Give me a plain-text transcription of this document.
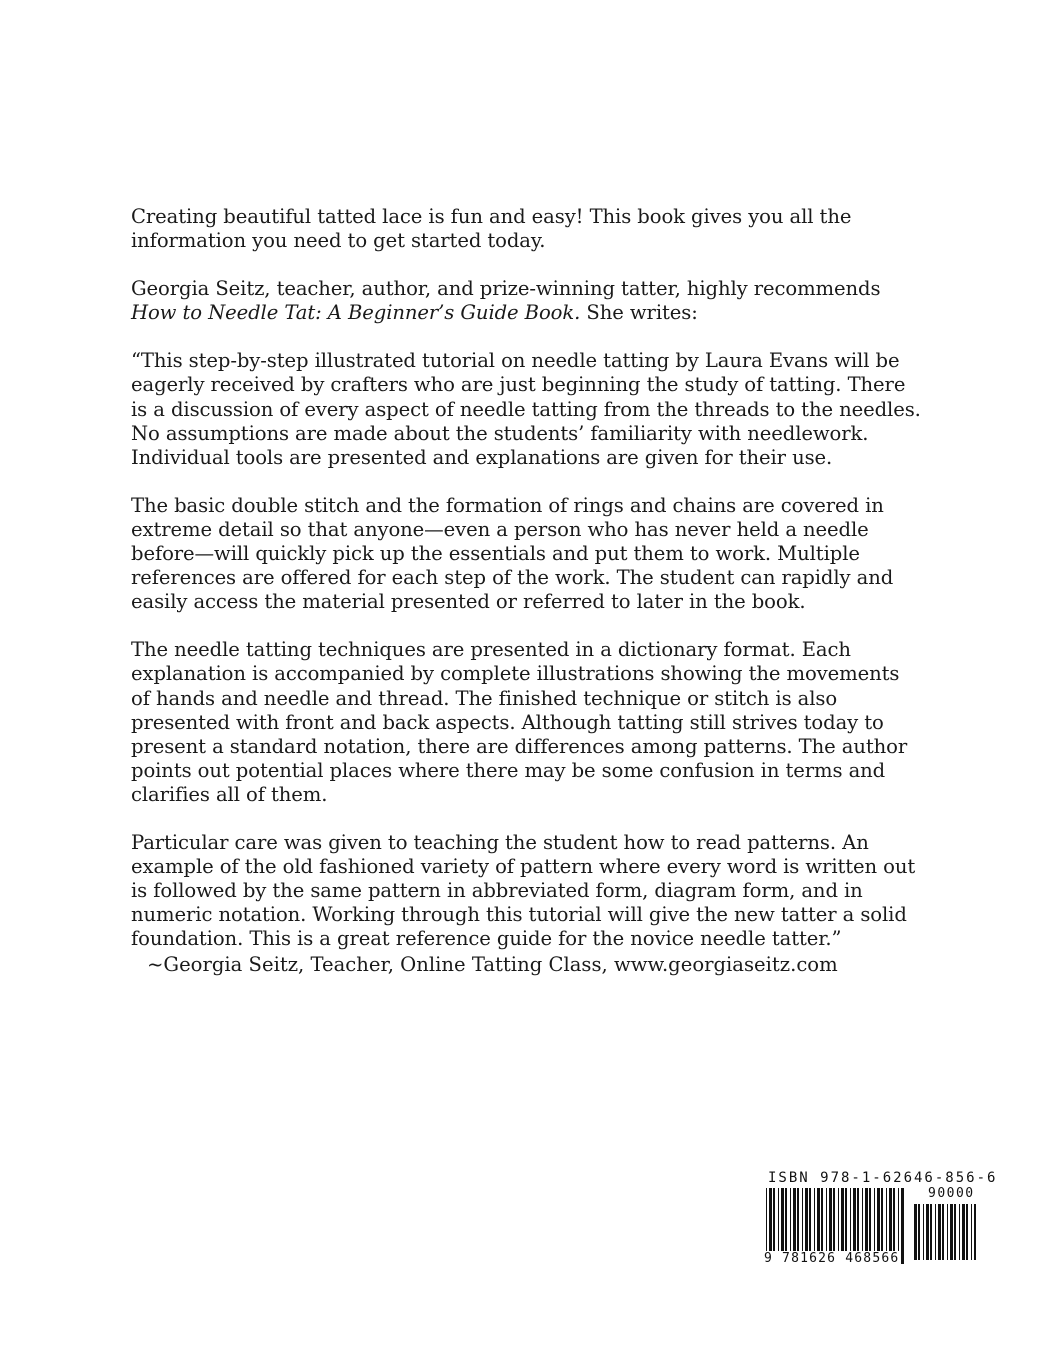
Creating beautiful tatted lace is fun and easy! This book gives you all the information you need to get started today.

Georgia Seitz, teacher, author, and prize-winning tatter, highly recommends How to Needle Tat: A Beginner’s Guide Book. She writes:

“This step-by-step illustrated tutorial on needle tatting by Laura Evans will be eagerly received by crafters who are just beginning the study of tatting. There is a discussion of every aspect of needle tatting from the threads to the needles. No assumptions are made about the students’ familiarity with needlework. Individual tools are presented and explanations are given for their use.

The basic double stitch and the formation of rings and chains are covered in extreme detail so that anyone—even a person who has never held a needle before—will quickly pick up the essentials and put them to work. Multiple references are offered for each step of the work. The student can rapidly and easily access the material presented or referred to later in the book.

The needle tatting techniques are presented in a dictionary format. Each explanation is accompanied by complete illustrations showing the movements of hands and needle and thread. The finished technique or stitch is also presented with front and back aspects. Although tatting still strives today to present a standard notation, there are differences among patterns. The author points out potential places where there may be some confusion in terms and clarifies all of them.

Particular care was given to teaching the student how to read patterns. An example of the old fashioned variety of pattern where every word is written out is followed by the same pattern in abbreviated form, diagram form, and in numeric notation. Working through this tutorial will give the new tatter a solid foundation. This is a great reference guide for the novice needle tatter.”

~Georgia Seitz, Teacher, Online Tatting Class, www.georgiaseitz.com
ISBN 978-1-62646-856-6
90000
9 781626 468566
